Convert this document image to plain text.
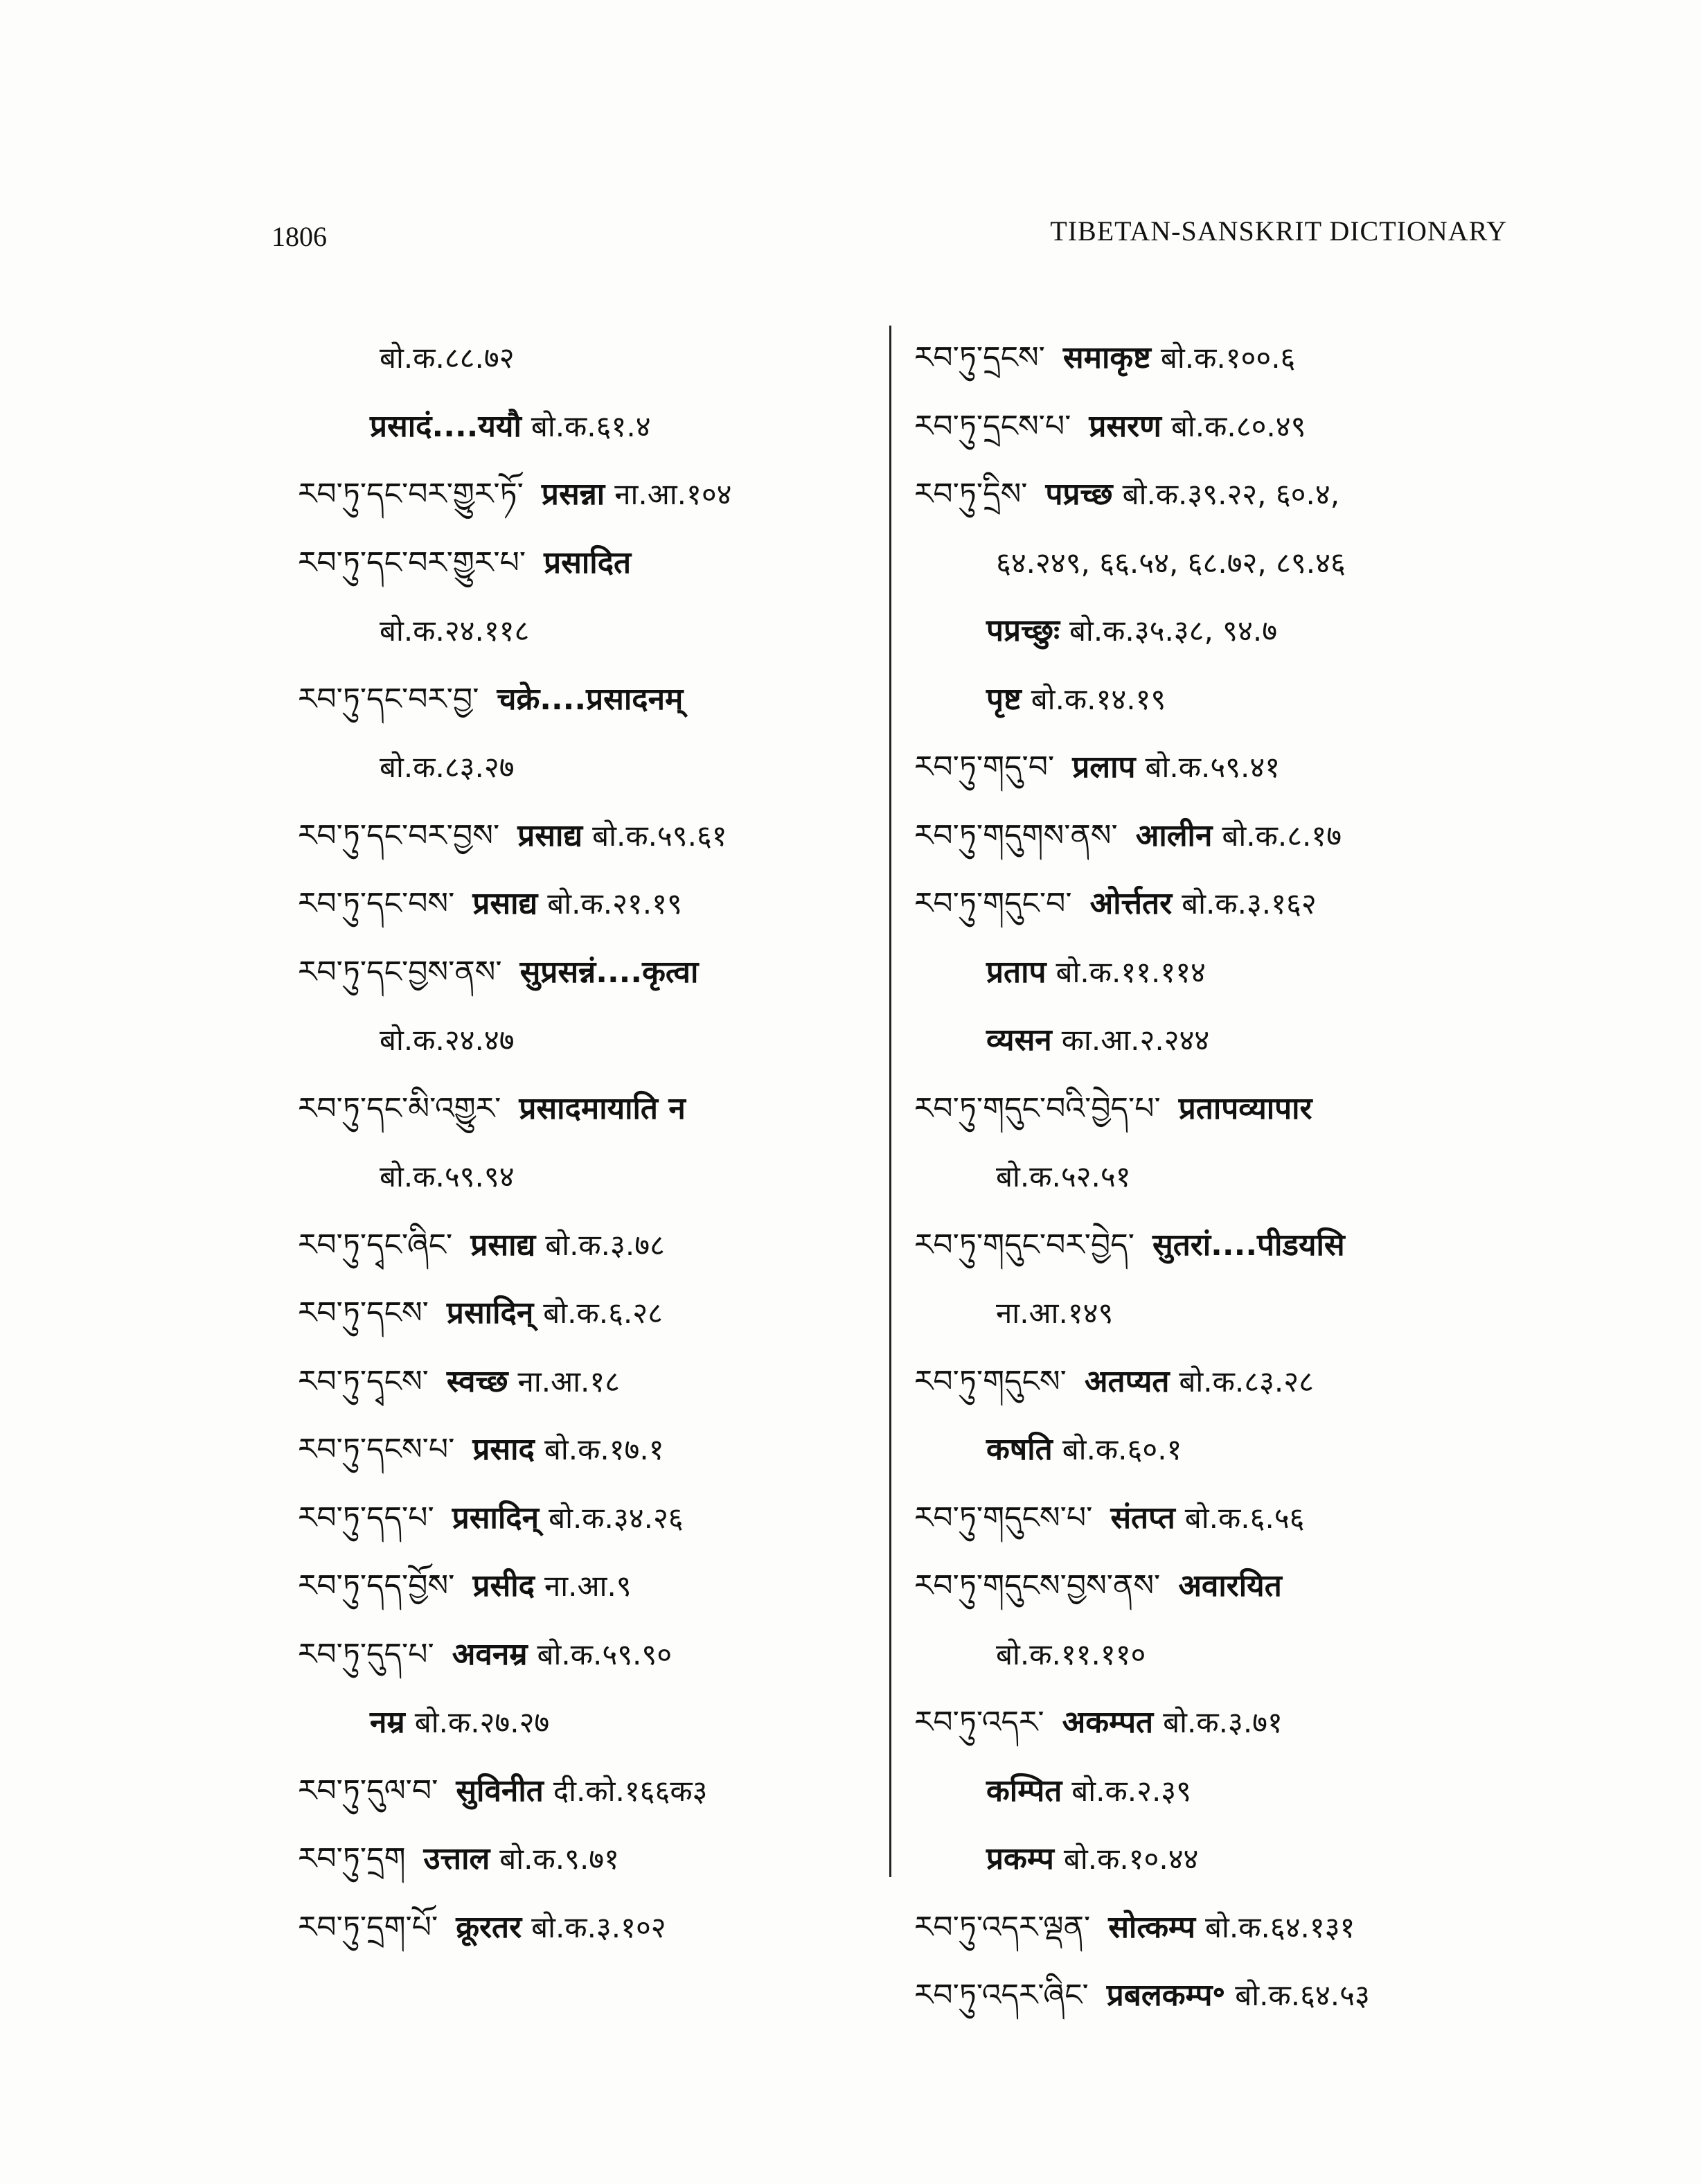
1806	TIBETAN-SANSKRIT DICTIONARY
बो.क.८८.७२
प्रसादं....ययौ बो.क.६१.४
རབ་ཏུ་དང་བར་གྱུར་ཏོ་ प्रसन्ना ना.आ.१०४
རབ་ཏུ་དང་བར་གྱུར་པ་ प्रसादित
बो.क.२४.११८
རབ་ཏུ་དང་བར་བྱ་ चक्रे....प्रसादनम्
बो.क.८३.२७
རབ་ཏུ་དང་བར་བྱས་ प्रसाद्य बो.क.५९.६१
རབ་ཏུ་དང་བས་ प्रसाद्य बो.क.२१.१९
རབ་ཏུ་དང་བྱས་ནས་ सुप्रसन्नं....कृत्वा
बो.क.२४.४७
རབ་ཏུ་དང་མི་འགྱུར་ प्रसादमायाति न
बो.क.५९.९४
རབ་ཏུ་དྭང་ཞིང་ प्रसाद्य बो.क.३.७८
རབ་ཏུ་དངས་ प्रसादिन् बो.क.६.२८
རབ་ཏུ་དྭངས་ स्वच्छ ना.आ.१८
རབ་ཏུ་དངས་པ་ प्रसाद बो.क.१७.१
རབ་ཏུ་དད་པ་ प्रसादिन् बो.क.३४.२६
རབ་ཏུ་དད་བྱོས་ प्रसीद ना.आ.९
རབ་ཏུ་དུད་པ་ अवनम्र बो.क.५९.९०
नम्र बो.क.२७.२७
རབ་ཏུ་དུལ་བ་ सुविनीत दी.को.१६६क३
རབ་ཏུ་དྲག उत्ताल बो.क.९.७१
རབ་ཏུ་དྲག་པོ་ क्रूरतर बो.क.३.१०२
རབ་ཏུ་དྲངས་ समाकृष्ट बो.क.१००.६
རབ་ཏུ་དྲངས་པ་ प्रसरण बो.क.८०.४९
རབ་ཏུ་དྲིས་ पप्रच्छ बो.क.३९.२२, ६०.४,
६४.२४९, ६६.५४, ६८.७२, ८९.४६
पप्रच्छुः बो.क.३५.३८, ९४.७
पृष्ट बो.क.१४.१९
རབ་ཏུ་གདུ་བ་ प्रलाप बो.क.५९.४१
རབ་ཏུ་གདུགས་ནས་ आलीन बो.क.८.१७
རབ་ཏུ་གདུང་བ་ ओर्त्ततर बो.क.३.१६२
प्रताप बो.क.११.११४
व्यसन का.आ.२.२४४
རབ་ཏུ་གདུང་བའི་བྱེད་པ་ प्रतापव्यापार
बो.क.५२.५१
རབ་ཏུ་གདུང་བར་བྱེད་ सुतरां....पीडयसि
ना.आ.१४९
རབ་ཏུ་གདུངས་ अतप्यत बो.क.८३.२८
कषति बो.क.६०.१
རབ་ཏུ་གདུངས་པ་ संतप्त बो.क.६.५६
རབ་ཏུ་གདུངས་བྱས་ནས་ अवारयित
बो.क.११.११०
རབ་ཏུ་འདར་ अकम्पत बो.क.३.७१
कम्पित बो.क.२.३९
प्रकम्प बो.क.१०.४४
རབ་ཏུ་འདར་ལྡན་ सोत्कम्प बो.क.६४.१३१
རབ་ཏུ་འདར་ཞིང་ प्रबलकम्प॰ बो.क.६४.५३
